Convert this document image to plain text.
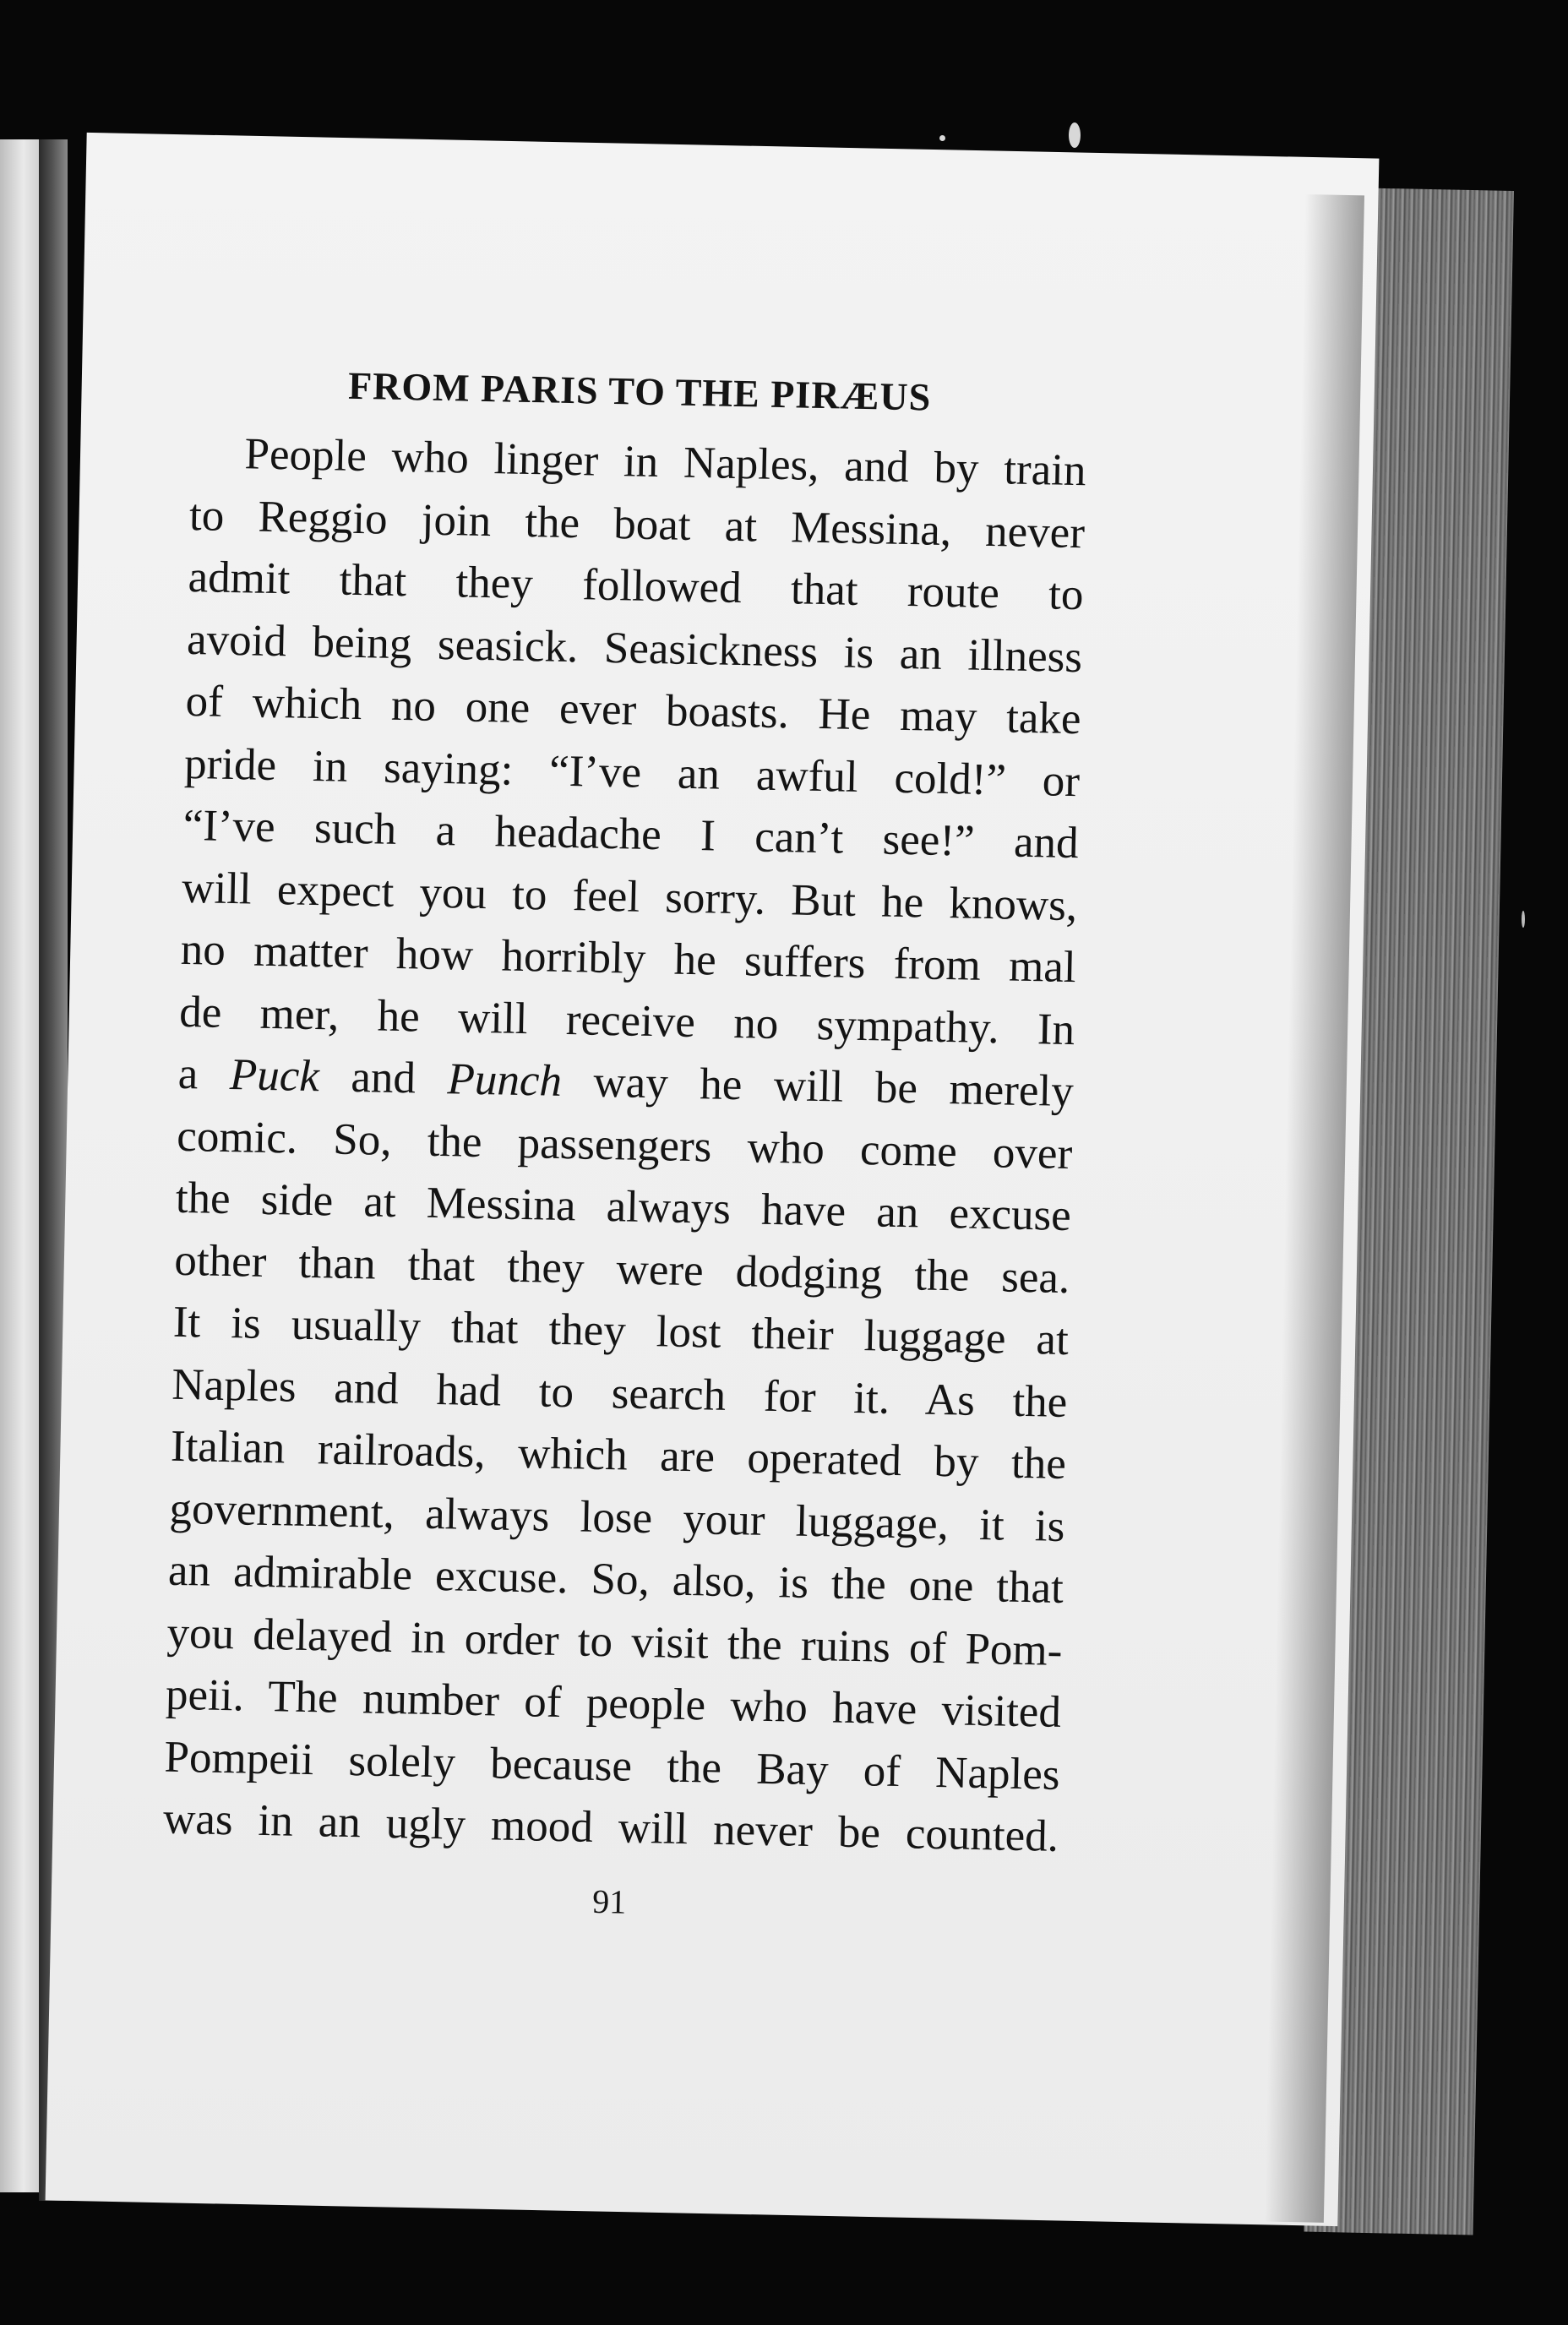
FROM PARIS TO THE PIRÆUS
People who linger in Naples, and by train
to Reggio join the boat at Messina, never
admit that they followed that route to
avoid being seasick. Seasickness is an illness
of which no one ever boasts. He may take
pride in saying: “I’ve an awful cold!” or
“I’ve such a headache I can’t see!” and
will expect you to feel sorry. But he knows,
no matter how horribly he suffers from mal
de mer, he will receive no sympathy. In
a Puck and Punch way he will be merely
comic. So, the passengers who come over
the side at Messina always have an excuse
other than that they were dodging the sea.
It is usually that they lost their luggage at
Naples and had to search for it. As the
Italian railroads, which are operated by the
government, always lose your luggage, it is
an admirable excuse. So, also, is the one that
you delayed in order to visit the ruins of Pom-
peii. The number of people who have visited
Pompeii solely because the Bay of Naples
was in an ugly mood will never be counted.
91
